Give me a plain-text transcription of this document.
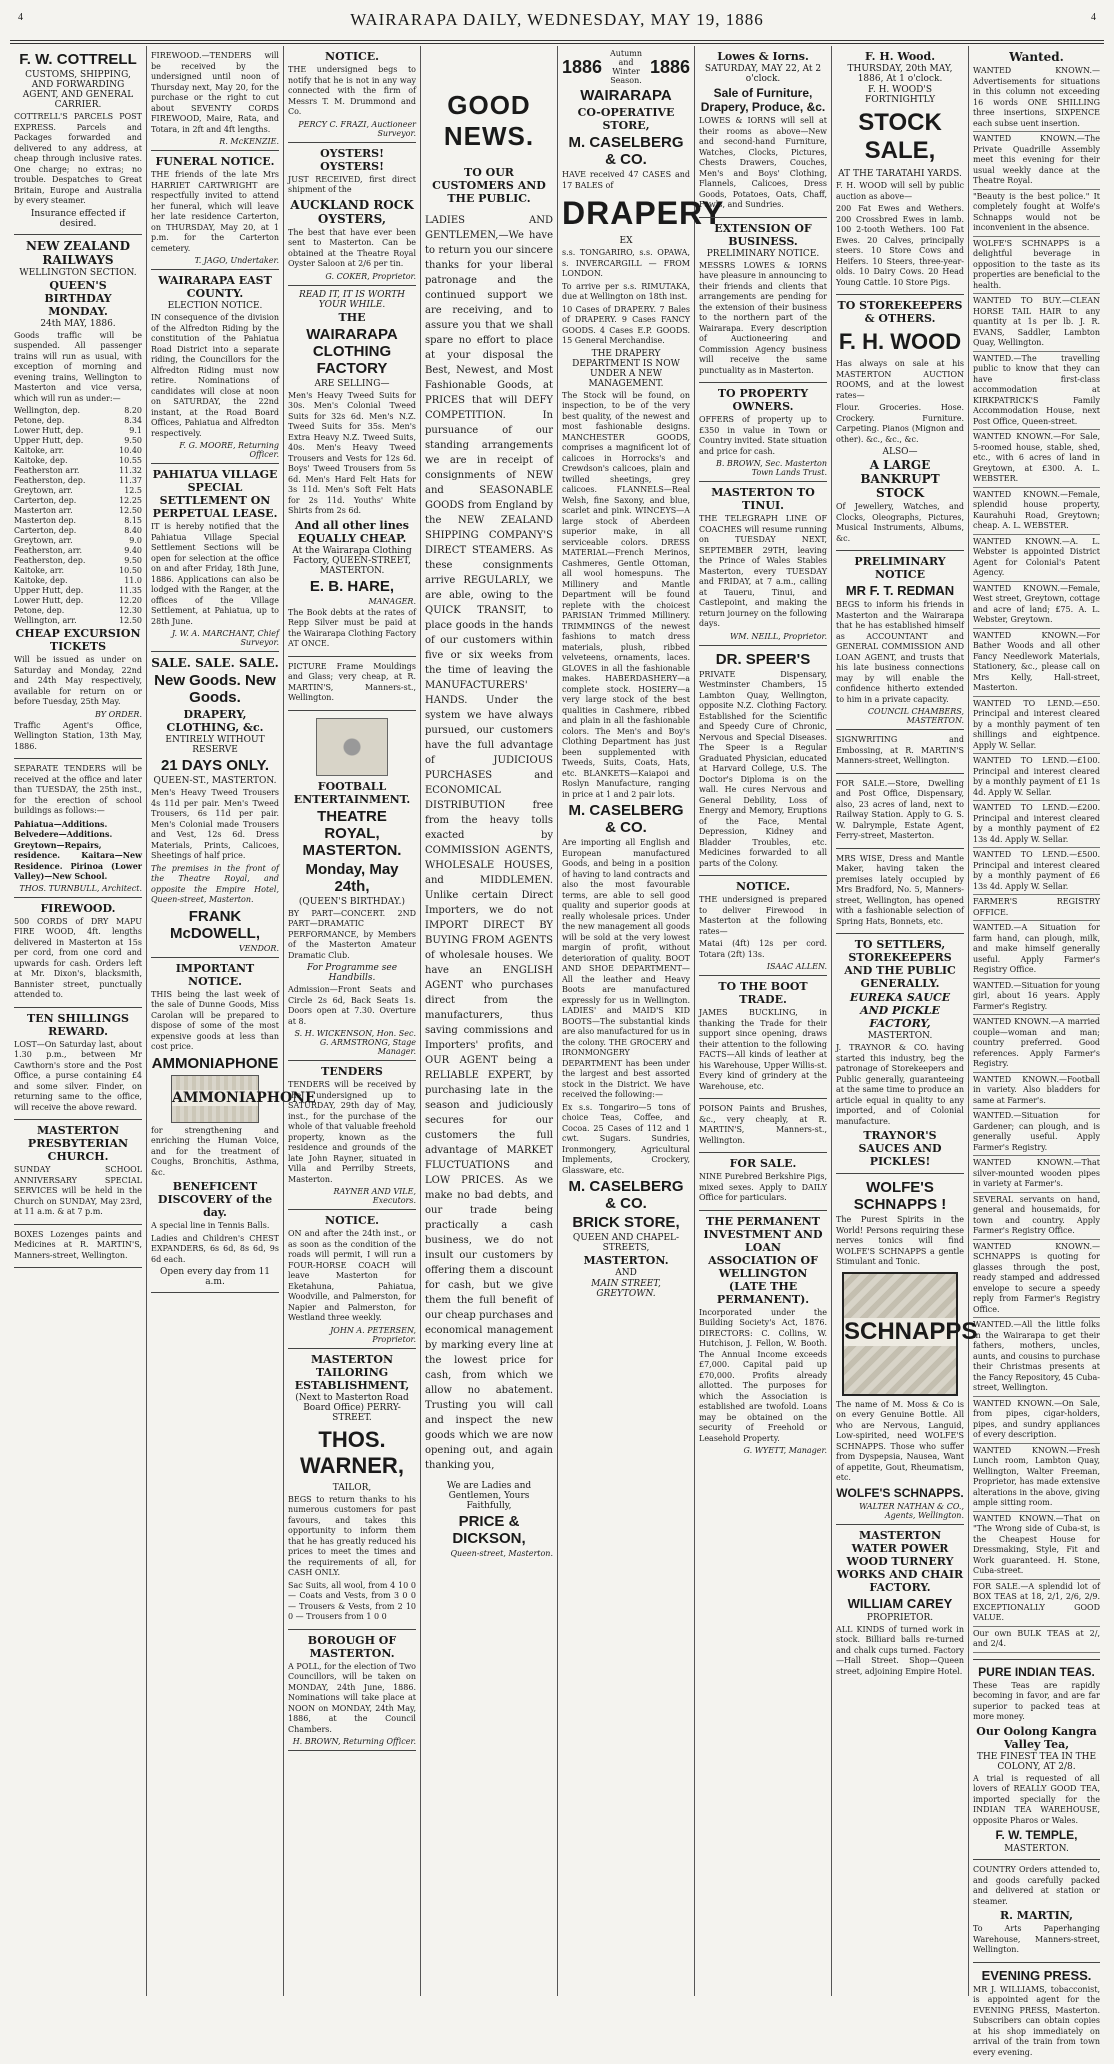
4	WAIRARAPA DAILY, WEDNESDAY, MAY 19, 1886	4
F. W. COTTRELL
CUSTOMS, SHIPPING, AND FORWARDING AGENT, AND GENERAL CARRIER.
COTTRELL'S PARCELS POST EXPRESS. Parcels and Packages forwarded and delivered to any address, at cheap through inclusive rates. One charge; no extras; no trouble. Despatches to Great Britain, Europe and Australia by every steamer.
Insurance effected if desired.
NEW ZEALAND RAILWAYS
WELLINGTON SECTION.
QUEEN'S BIRTHDAY MONDAY.
24th MAY, 1886.
Goods traffic will be suspended. All passenger trains will run as usual, with exception of morning and evening trains, Wellington to Masterton and vice versa, which will run as under:—
Wellington, dep.	8.20
Petone, dep.	8.34
Lower Hutt, dep.	9.1
Upper Hutt, dep.	9.50
Kaitoke, arr.	10.40
Kaitoke, dep.	10.55
Featherston arr.	11.32
Featherston, dep.	11.37
Greytown, arr.	12.5
Carterton, dep.	12.25
Masterton arr.	12.50
Masterton dep.	8.15
Carterton, dep.	8.40
Greytown, arr.	9.0
Featherston, arr.	9.40
Featherston, dep.	9.50
Kaitoke, arr.	10.50
Kaitoke, dep.	11.0
Upper Hutt, dep.	11.35
Lower Hutt, dep.	12.20
Petone, dep.	12.30
Wellington, arr.	12.50
CHEAP EXCURSION TICKETS
Will be issued as under on Saturday and Monday, 22nd and 24th May respectively, available for return on or before Tuesday, 25th May.
BY ORDER.
Traffic Agent's Office, Wellington Station, 13th May, 1886.
SEPARATE TENDERS will be received at the office and later than TUESDAY, the 25th inst., for the erection of school buildings as follows:—
Pahiatua—Additions. Belvedere—Additions. Greytown—Repairs, residence. Kaitara—New Residence. Pirinoa (Lower Valley)—New School.
THOS. TURNBULL, Architect.
FIREWOOD.
500 CORDS of DRY MAPU FIRE WOOD, 4ft. lengths delivered in Masterton at 15s per cord, from one cord and upwards for cash. Orders left at Mr. Dixon's, blacksmith, Bannister street, punctually attended to.
TEN SHILLINGS REWARD.
LOST—On Saturday last, about 1.30 p.m., between Mr Cawthorn's store and the Post Office, a purse containing £4 and some silver. Finder, on returning same to the office, will receive the above reward.
MASTERTON PRESBYTERIAN CHURCH.
SUNDAY SCHOOL ANNIVERSARY SPECIAL SERVICES will be held in the Church on SUNDAY, May 23rd, at 11 a.m. & at 7 p.m.
BOXES Lozenges paints and Medicines at R. MARTIN'S, Manners-street, Wellington.
FIREWOOD.—TENDERS will be received by the undersigned until noon of Thursday next, May 20, for the purchase or the right to cut about SEVENTY CORDS FIREWOOD, Maire, Rata, and Totara, in 2ft and 4ft lengths.
R. McKENZIE.
FUNERAL NOTICE.
THE friends of the late Mrs HARRIET CARTWRIGHT are respectfully invited to attend her funeral, which will leave her late residence Carterton, on THURSDAY, May 20, at 1 p.m. for the Carterton cemetery.
T. JAGO, Undertaker.
WAIRARAPA EAST COUNTY.
ELECTION NOTICE.
IN consequence of the division of the Alfredton Riding by the constitution of the Pahiatua Road District into a separate riding, the Councillors for the Alfredton Riding must now retire. Nominations of candidates will close at noon on SATURDAY, the 22nd instant, at the Road Board Offices, Pahiatua and Alfredton respectively.
F. G. MOORE, Returning Officer.
PAHIATUA VILLAGE SPECIAL SETTLEMENT ON PERPETUAL LEASE.
IT is hereby notified that the Pahiatua Village Special Settlement Sections will be open for selection at the office on and after Friday, 18th June, 1886. Applications can also be lodged with the Ranger, at the offices of the Village Settlement, at Pahiatua, up to 28th June.
J. W. A. MARCHANT, Chief Surveyor.
SALE. SALE. SALE.
New Goods. New Goods.
DRAPERY, CLOTHING, &c.
ENTIRELY WITHOUT RESERVE
21 DAYS ONLY.
QUEEN-ST., MASTERTON.
Men's Heavy Tweed Trousers 4s 11d per pair. Men's Tweed Trousers, 6s 11d per pair. Men's Colonial made Trousers and Vest, 12s 6d. Dress Materials, Prints, Calicoes, Sheetings of half price.
The premises in the front of the Theatre Royal, and opposite the Empire Hotel, Queen-street, Masterton.
FRANK McDOWELL,
VENDOR.
IMPORTANT NOTICE.
THIS being the last week of the sale of Dunne Goods, Miss Carolan will be prepared to dispose of some of the most expensive goods at less than cost price.
AMMONIAPHONE
AMMONIAPHONE
for strengthening and enriching the Human Voice, and for the treatment of Coughs, Bronchitis, Asthma, &c.
BENEFICENT DISCOVERY of the day.
A special line in Tennis Balls.
Ladies and Children's CHEST EXPANDERS, 6s 6d, 8s 6d, 9s 6d each.
Open every day from 11 a.m.
NOTICE.
THE undersigned begs to notify that he is not in any way connected with the firm of Messrs T. M. Drummond and Co.
PERCY C. FRAZI, Auctioneer Surveyor.
OYSTERS! OYSTERS!
JUST RECEIVED, first direct shipment of the
AUCKLAND ROCK OYSTERS,
The best that have ever been sent to Masterton. Can be obtained at the Theatre Royal Oyster Saloon at 2/6 per tin.
G. COKER, Proprietor.
READ IT, IT IS WORTH YOUR WHILE.
THE
WAIRARAPA CLOTHING FACTORY
ARE SELLING—
Men's Heavy Tweed Suits for 30s. Men's Colonial Tweed Suits for 32s 6d. Men's N.Z. Tweed Suits for 35s. Men's Extra Heavy N.Z. Tweed Suits, 40s. Men's Heavy Tweed Trousers and Vests for 12s 6d. Boys' Tweed Trousers from 5s 6d. Men's Hard Felt Hats for 3s 11d. Men's Soft Felt Hats for 2s 11d. Youths' White Shirts from 2s 6d.
And all other lines EQUALLY CHEAP.
At the Wairarapa Clothing Factory, QUEEN-STREET, MASTERTON.
E. B. HARE,
MANAGER.
The Book debts at the rates of Repp Silver must be paid at the Wairarapa Clothing Factory AT ONCE.
PICTURE Frame Mouldings and Glass; very cheap, at R. MARTIN'S, Manners-st., Wellington.
FOOTBALL ENTERTAINMENT.
THEATRE ROYAL, MASTERTON.
Monday, May 24th,
(QUEEN'S BIRTHDAY.)
BY PART—CONCERT. 2ND PART—DRAMATIC PERFORMANCE, by Members of the Masterton Amateur Dramatic Club.
For Programme see Handbills.
Admission—Front Seats and Circle 2s 6d, Back Seats 1s. Doors open at 7.30. Overture at 8.
S. H. WICKENSON, Hon. Sec.
G. ARMSTRONG, Stage Manager.
TENDERS
TENDERS will be received by the undersigned up to SATURDAY, 29th day of May, inst., for the purchase of the whole of that valuable freehold property, known as the residence and grounds of the late John Rayner, situated in Villa and Perrilby Streets, Masterton.
RAYNER AND VILE, Executors.
NOTICE.
ON and after the 24th inst., or as soon as the condition of the roads will permit, I will run a FOUR-HORSE COACH will leave Masterton for Eketahuna, Pahiatua, Woodville, and Palmerston, for Napier and Palmerston, for Westland three weekly.
JOHN A. PETERSEN, Proprietor.
MASTERTON TAILORING ESTABLISHMENT,
(Next to Masterton Road Board Office) PERRY-STREET.
THOS. WARNER,
TAILOR,
BEGS to return thanks to his numerous customers for past favours, and takes this opportunity to inform them that he has greatly reduced his prices to meet the times and the requirements of all, for CASH ONLY.
Sac Suits, all wool, from 4 10 0 — Coats and Vests, from 3 0 0 — Trousers & Vests, from 2 10 0 — Trousers from 1 0 0
BOROUGH OF MASTERTON.
A POLL, for the election of Two Councillors, will be taken on MONDAY, 24th June, 1886. Nominations will take place at NOON on MONDAY, 24th May, 1886, at the Council Chambers.
H. BROWN, Returning Officer.
GOOD NEWS.
TO OUR CUSTOMERS AND THE PUBLIC.
LADIES AND GENTLEMEN,—We have to return you our sincere thanks for your liberal patronage and the continued support we are receiving, and to assure you that we shall spare no effort to place at your disposal the Best, Newest, and Most Fashionable Goods, at PRICES that will DEFY COMPETITION. In pursuance of our standing arrangements we are in receipt of consignments of NEW and SEASONABLE GOODS from England by the NEW ZEALAND SHIPPING COMPANY'S DIRECT STEAMERS. As these consignments arrive REGULARLY, we are able, owing to the QUICK TRANSIT, to place goods in the hands of our customers within five or six weeks from the time of leaving the MANUFACTURERS' HANDS. Under the system we have always pursued, our customers have the full advantage of JUDICIOUS PURCHASES and ECONOMICAL DISTRIBUTION free from the heavy tolls exacted by COMMISSION AGENTS, WHOLESALE HOUSES, and MIDDLEMEN. Unlike certain Direct Importers, we do not IMPORT DIRECT BY BUYING FROM AGENTS of wholesale houses. We have an ENGLISH AGENT who purchases direct from the manufacturers, thus saving commissions and Importers' profits, and OUR AGENT being a RELIABLE EXPERT, by purchasing late in the season and judiciously secures for our customers the full advantage of MARKET FLUCTUATIONS and LOW PRICES. As we make no bad debts, and our trade being practically a cash business, we do not insult our customers by offering them a discount for cash, but we give them the full benefit of our cheap purchases and economical management by marking every line at the lowest price for cash, from which we allow no abatement. Trusting you will call and inspect the new goods which we are now opening out, and again thanking you,
We are Ladies and Gentlemen, Yours Faithfully,
PRICE & DICKSON,
Queen-street, Masterton.
1886
Autumn and Winter Season.
1886
WAIRARAPA
CO-OPERATIVE STORE,
M. CASELBERG & CO.
HAVE received 47 CASES and 17 BALES of
DRAPERY
EX
s.s. TONGARIRO, s.s. OPAWA, s. INVERCARGILL — FROM LONDON.
To arrive per s.s. RIMUTAKA, due at Wellington on 18th inst.
10 Cases of DRAPERY. 7 Bales of DRAPERY. 9 Cases FANCY GOODS. 4 Cases E.P. GOODS. 15 General Merchandise.
THE DRAPERY DEPARTMENT IS NOW UNDER A NEW MANAGEMENT.
The Stock will be found, on inspection, to be of the very best quality, of the newest and most fashionable designs. MANCHESTER GOODS, comprises a magnificent lot of calicoes in Horrocks's and Crewdson's calicoes, plain and twilled sheetings, grey calicoes. FLANNELS—Real Welsh, fine Saxony, and blue, scarlet and pink. WINCEYS—A large stock of Aberdeen superior make, in all serviceable colors. DRESS MATERIAL—French Merinos, Cashmeres, Gentle Ottoman, all wool homespuns. The Millinery and Mantle Department will be found replete with the choicest PARISIAN Trimmed Millinery. TRIMMINGS of the newest fashions to match dress materials, plush, ribbed velveteens, ornaments, laces. GLOVES in all the fashionable makes. HABERDASHERY—a complete stock. HOSIERY—a very large stock of the best qualities in Cashmere, ribbed and plain in all the fashionable colors. The Men's and Boy's Clothing Department has just been supplemented with Tweeds, Suits, Coats, Hats, etc. BLANKETS—Kaiapoi and Roslyn Manufacture, ranging in price at 1 and 2 pair lots.
M. CASELBERG & CO.
Are importing all English and European manufactured Goods, and being in a position of having to land contracts and also the most favourable terms, are able to sell good quality and superior goods at really wholesale prices. Under the new management all goods will be sold at the very lowest margin of profit, without deterioration of quality. BOOT AND SHOE DEPARTMENT—All the leather and Heavy Boots are manufactured expressly for us in Wellington. LADIES' and MAID'S KID BOOTS—The substantial kinds are also manufactured for us in the colony. THE GROCERY and IRONMONGERY DEPARTMENT has been under the largest and best assorted stock in the District. We have received the following:—
Ex s.s. Tongariro—5 tons of choice Teas, Coffee, and Cocoa. 25 Cases of 112 and 1 cwt. Sugars. Sundries, Ironmongery, Agricultural Implements, Crockery, Glassware, etc.
M. CASELBERG & CO.
BRICK STORE,
QUEEN AND CHAPEL-STREETS,
MASTERTON.
AND
MAIN STREET, GREYTOWN.
Lowes & Iorns.
SATURDAY, MAY 22, At 2 o'clock.
Sale of Furniture, Drapery, Produce, &c.
LOWES & IORNS will sell at their rooms as above—New and second-hand Furniture, Watches, Clocks, Pictures, Chests Drawers, Couches, Men's and Boys' Clothing, Flannels, Calicoes, Dress Goods, Potatoes, Oats, Chaff, Fowls, and Sundries.
EXTENSION OF BUSINESS.
PRELIMINARY NOTICE.
MESSRS LOWES & IORNS have pleasure in announcing to their friends and clients that arrangements are pending for the extension of their business to the northern part of the Wairarapa. Every description of Auctioneering and Commission Agency business will receive the same punctuality as in Masterton.
TO PROPERTY OWNERS.
OFFERS of property up to £350 in value in Town or Country invited. State situation and price for cash.
B. BROWN, Sec. Masterton Town Lands Trust.
MASTERTON TO TINUI.
THE TELEGRAPH LINE OF COACHES will resume running on TUESDAY NEXT, SEPTEMBER 29TH, leaving the Prince of Wales Stables Masterton, every TUESDAY and FRIDAY, at 7 a.m., calling at Taueru, Tinui, and Castlepoint, and making the return journey on the following days.
WM. NEILL, Proprietor.
DR. SPEER'S
PRIVATE Dispensary, Westminster Chambers, 15 Lambton Quay, Wellington, opposite N.Z. Clothing Factory. Established for the Scientific and Speedy Cure of Chronic, Nervous and Special Diseases. The Speer is a Regular Graduated Physician, educated at Harvard College, U.S. The Doctor's Diploma is on the wall. He cures Nervous and General Debility, Loss of Energy and Memory, Eruptions of the Face, Mental Depression, Kidney and Bladder Troubles, etc. Medicines forwarded to all parts of the Colony.
NOTICE.
THE undersigned is prepared to deliver Firewood in Masterton at the following rates—
Matai (4ft) 12s per cord. Totara (2ft) 13s.
ISAAC ALLEN.
TO THE BOOT TRADE.
JAMES BUCKLING, in thanking the Trade for their support since opening, draws their attention to the following FACTS—All kinds of leather at his Warehouse, Upper Willis-st. Every kind of grindery at the Warehouse, etc.
POISON Paints and Brushes, &c., very cheaply, at R. MARTIN'S, Manners-st., Wellington.
FOR SALE.
NINE Purebred Berkshire Pigs, mixed sexes. Apply to DAILY Office for particulars.
THE PERMANENT INVESTMENT AND LOAN ASSOCIATION OF WELLINGTON (LATE THE PERMANENT).
Incorporated under the Building Society's Act, 1876. DIRECTORS: C. Collins, W. Hutchison, J. Fellon, W. Booth. The Annual Income exceeds £7,000. Capital paid up £70,000. Profits already allotted. The purposes for which the Association is established are twofold. Loans may be obtained on the security of Freehold or Leasehold Property.
G. WYETT, Manager.
F. H. Wood.
THURSDAY, 20th MAY, 1886, At 1 o'clock.
F. H. WOOD'S FORTNIGHTLY
STOCK SALE,
AT THE TARATAHI YARDS.
F. H. WOOD will sell by public auction as above—
200 Fat Ewes and Wethers. 200 Crossbred Ewes in lamb. 100 2-tooth Wethers. 100 Fat Ewes. 20 Calves, principally steers. 10 Store Cows and Heifers. 10 Steers, three-year-olds. 10 Dairy Cows. 20 Head Young Cattle. 10 Store Pigs.
TO STOREKEEPERS & OTHERS.
F. H. WOOD
Has always on sale at his MASTERTON AUCTION ROOMS, and at the lowest rates—
Flour. Groceries. Hose. Crockery. Furniture. Carpeting. Pianos (Mignon and other). &c., &c., &c.
ALSO—
A LARGE BANKRUPT STOCK
Of Jewellery, Watches, and Clocks, Oleographs, Pictures, Musical Instruments, Albums, &c.
PRELIMINARY NOTICE
MR F. T. REDMAN
BEGS to inform his friends in Masterton and the Wairarapa that he has established himself as ACCOUNTANT and GENERAL COMMISSION AND LOAN AGENT, and trusts that his late business connections may by will enable the confidence hitherto extended to him in a private capacity.
COUNCIL CHAMBERS, MASTERTON.
SIGNWRITING and Embossing, at R. MARTIN'S Manners-street, Wellington.
FOR SALE.—Store, Dwelling and Post Office, Dispensary, also, 23 acres of land, next to Railway Station. Apply to G. S. W. Dalrymple, Estate Agent, Ferry-street, Masterton.
MRS WISE, Dress and Mantle Maker, having taken the premises lately occupied by Mrs Bradford, No. 5, Manners-street, Wellington, has opened with a fashionable selection of Spring Hats, Bonnets, etc.
TO SETTLERS, STOREKEEPERS AND THE PUBLIC GENERALLY.
EUREKA SAUCE AND PICKLE FACTORY,
MASTERTON.
J. TRAYNOR & CO. having started this industry, beg the patronage of Storekeepers and Public generally, guaranteeing at the same time to produce an article equal in quality to any imported, and of Colonial manufacture.
TRAYNOR'S SAUCES AND PICKLES!
WOLFE'S SCHNAPPS !
The Purest Spirits in the World! Persons requiring these nerves tonics will find WOLFE'S SCHNAPPS a gentle Stimulant and Tonic.
SCHNAPPS
The name of M. Moss & Co is on every Genuine Bottle. All who are Nervous, Languid, Low-spirited, need WOLFE'S SCHNAPPS. Those who suffer from Dyspepsia, Nausea, Want of appetite, Gout, Rheumatism, etc.
WOLFE'S SCHNAPPS.
WALTER NATHAN & CO., Agents, Wellington.
MASTERTON WATER POWER WOOD TURNERY WORKS AND CHAIR FACTORY.
WILLIAM CAREY
PROPRIETOR.
ALL KINDS of turned work in stock. Billiard balls re-turned and chalk cups turned. Factory—Hall Street. Shop—Queen street, adjoining Empire Hotel.
Wanted.
WANTED KNOWN.—Advertisements for situations in this column not exceeding 16 words ONE SHILLING three insertions, SIXPENCE each subse uent insertion.
WANTED KNOWN.—The Private Quadrille Assembly meet this evening for their usual weekly dance at the Theatre Royal.
"Beauty is the best police." It completely fought at Wolfe's Schnapps would not be inconvenient in the absence.
WOLFE'S SCHNAPPS is a delightful beverage in opposition to the taste as its properties are beneficial to the health.
WANTED TO BUY.—CLEAN HORSE TAIL HAIR to any quantity at 1s per lb. J. R. EVANS, Saddler, Lambton Quay, Wellington.
WANTED.—The travelling public to know that they can have first-class accommodation at KIRKPATRICK'S Family Accommodation House, next Post Office, Queen-street.
WANTED KNOWN.—For Sale, 5-roomed house, stable, shed, etc., with 6 acres of land in Greytown, at £300. A. L. WEBSTER.
WANTED KNOWN.—Female, splendid house property, Kaurahuhi Road, Greytown; cheap. A. L. WEBSTER.
WANTED KNOWN.—A. L. Webster is appointed District Agent for Colonial's Patent Agency.
WANTED KNOWN.—Female, West street, Greytown, cottage and acre of land; £75. A. L. Webster, Greytown.
WANTED KNOWN.—For Bather Woods and all other Fancy Needlework Materials, Stationery, &c., please call on Mrs Kelly, Hall-street, Masterton.
WANTED TO LEND.—£50. Principal and interest cleared by a monthly payment of ten shillings and eightpence. Apply W. Sellar.
WANTED TO LEND.—£100. Principal and interest cleared by a monthly payment of £1 1s 4d. Apply W. Sellar.
WANTED TO LEND.—£200. Principal and interest cleared by a monthly payment of £2 13s 4d. Apply W. Sellar.
WANTED TO LEND.—£500. Principal and interest cleared by a monthly payment of £6 13s 4d. Apply W. Sellar.
FARMER'S REGISTRY OFFICE.
WANTED.—A Situation for farm hand, can plough, milk, and make himself generally useful. Apply Farmer's Registry Office.
WANTED.—Situation for young girl, about 16 years. Apply Farmer's Registry.
WANTED KNOWN.—A married couple—woman and man; country preferred. Good references. Apply Farmer's Registry.
WANTED KNOWN.—Football in variety. Also bladders for same at Farmer's.
WANTED.—Situation for Gardener; can plough, and is generally useful. Apply Farmer's Registry.
WANTED KNOWN.—That silver-mounted wooden pipes in variety at Farmer's.
SEVERAL servants on hand, general and housemaids, for town and country. Apply Farmer's Registry Office.
WANTED KNOWN.—SCHNAPPS is quoting for glasses through the post, ready stamped and addressed envelope to secure a speedy reply from Farmer's Registry Office.
WANTED.—All the little folks in the Wairarapa to get their fathers, mothers, uncles, aunts, and cousins to purchase their Christmas presents at the Fancy Repository, 45 Cuba-street, Wellington.
WANTED KNOWN.—On Sale, from pipes, cigar-holders, pipes, and sundry appliances of every description.
WANTED KNOWN.—Fresh Lunch room, Lambton Quay, Wellington, Walter Freeman, Proprietor, has made extensive alterations in the above, giving ample sitting room.
WANTED KNOWN.—That on "The Wrong side of Cuba-st, is the Cheapest House for Dressmaking, Style, Fit and Work guaranteed. H. Stone, Cuba-street.
FOR SALE.—A splendid lot of BOX TEAS at 18, 2/1, 2/6, 2/9. EXCEPTIONALLY GOOD VALUE.
Our own BULK TEAS at 2/, and 2/4.
PURE INDIAN TEAS.
These Teas are rapidly becoming in favor, and are far superior to packed teas at more money.
Our Oolong Kangra Valley Tea,
THE FINEST TEA IN THE COLONY, AT 2/8.
A trial is requested of all lovers of REALLY GOOD TEA, imported specially for the INDIAN TEA WAREHOUSE, opposite Pharos or Wales.
F. W. TEMPLE,
MASTERTON.
COUNTRY Orders attended to, and goods carefully packed and delivered at station or steamer.
R. MARTIN,
To Arts Paperhanging Warehouse, Manners-street, Wellington.
EVENING PRESS.
MR J. WILLIAMS, tobacconist, is appointed agent for the EVENING PRESS, Masterton. Subscribers can obtain copies at his shop immediately on arrival of the train from town every evening.
